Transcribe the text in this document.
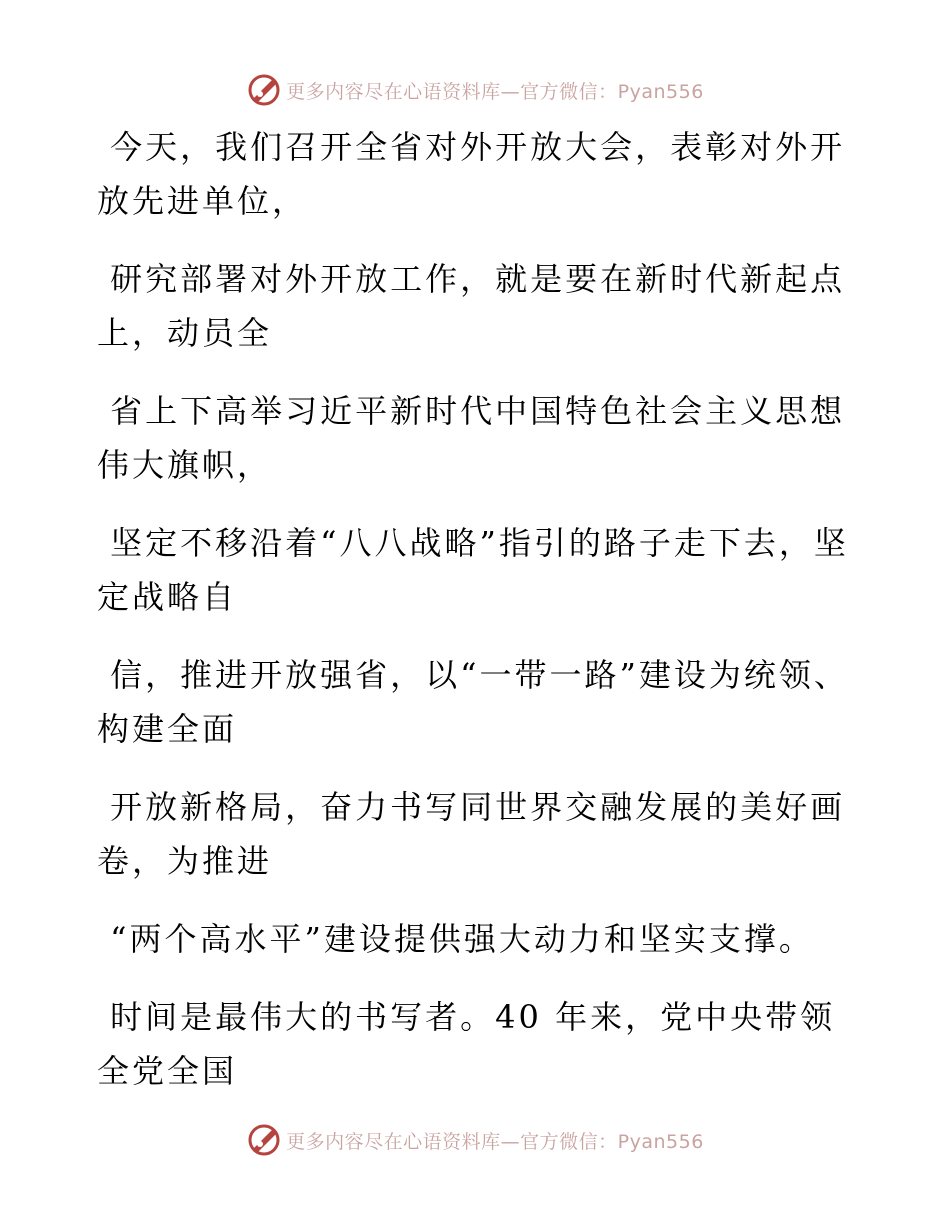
更多内容尽在心语资料库—官方微信：Pyan556

今天，我们召开全省对外开放大会，表彰对外开放先进单位，

研究部署对外开放工作，就是要在新时代新起点上，动员全

省上下高举习近平新时代中国特色社会主义思想伟大旗帜，

坚定不移沿着“八八战略”指引的路子走下去，坚定战略自

信，推进开放强省，以“一带一路”建设为统领、构建全面

开放新格局，奋力书写同世界交融发展的美好画卷，为推进

“两个高水平”建设提供强大动力和坚实支撑。

时间是最伟大的书写者。40 年来，党中央带领全党全国

更多内容尽在心语资料库—官方微信：Pyan556
